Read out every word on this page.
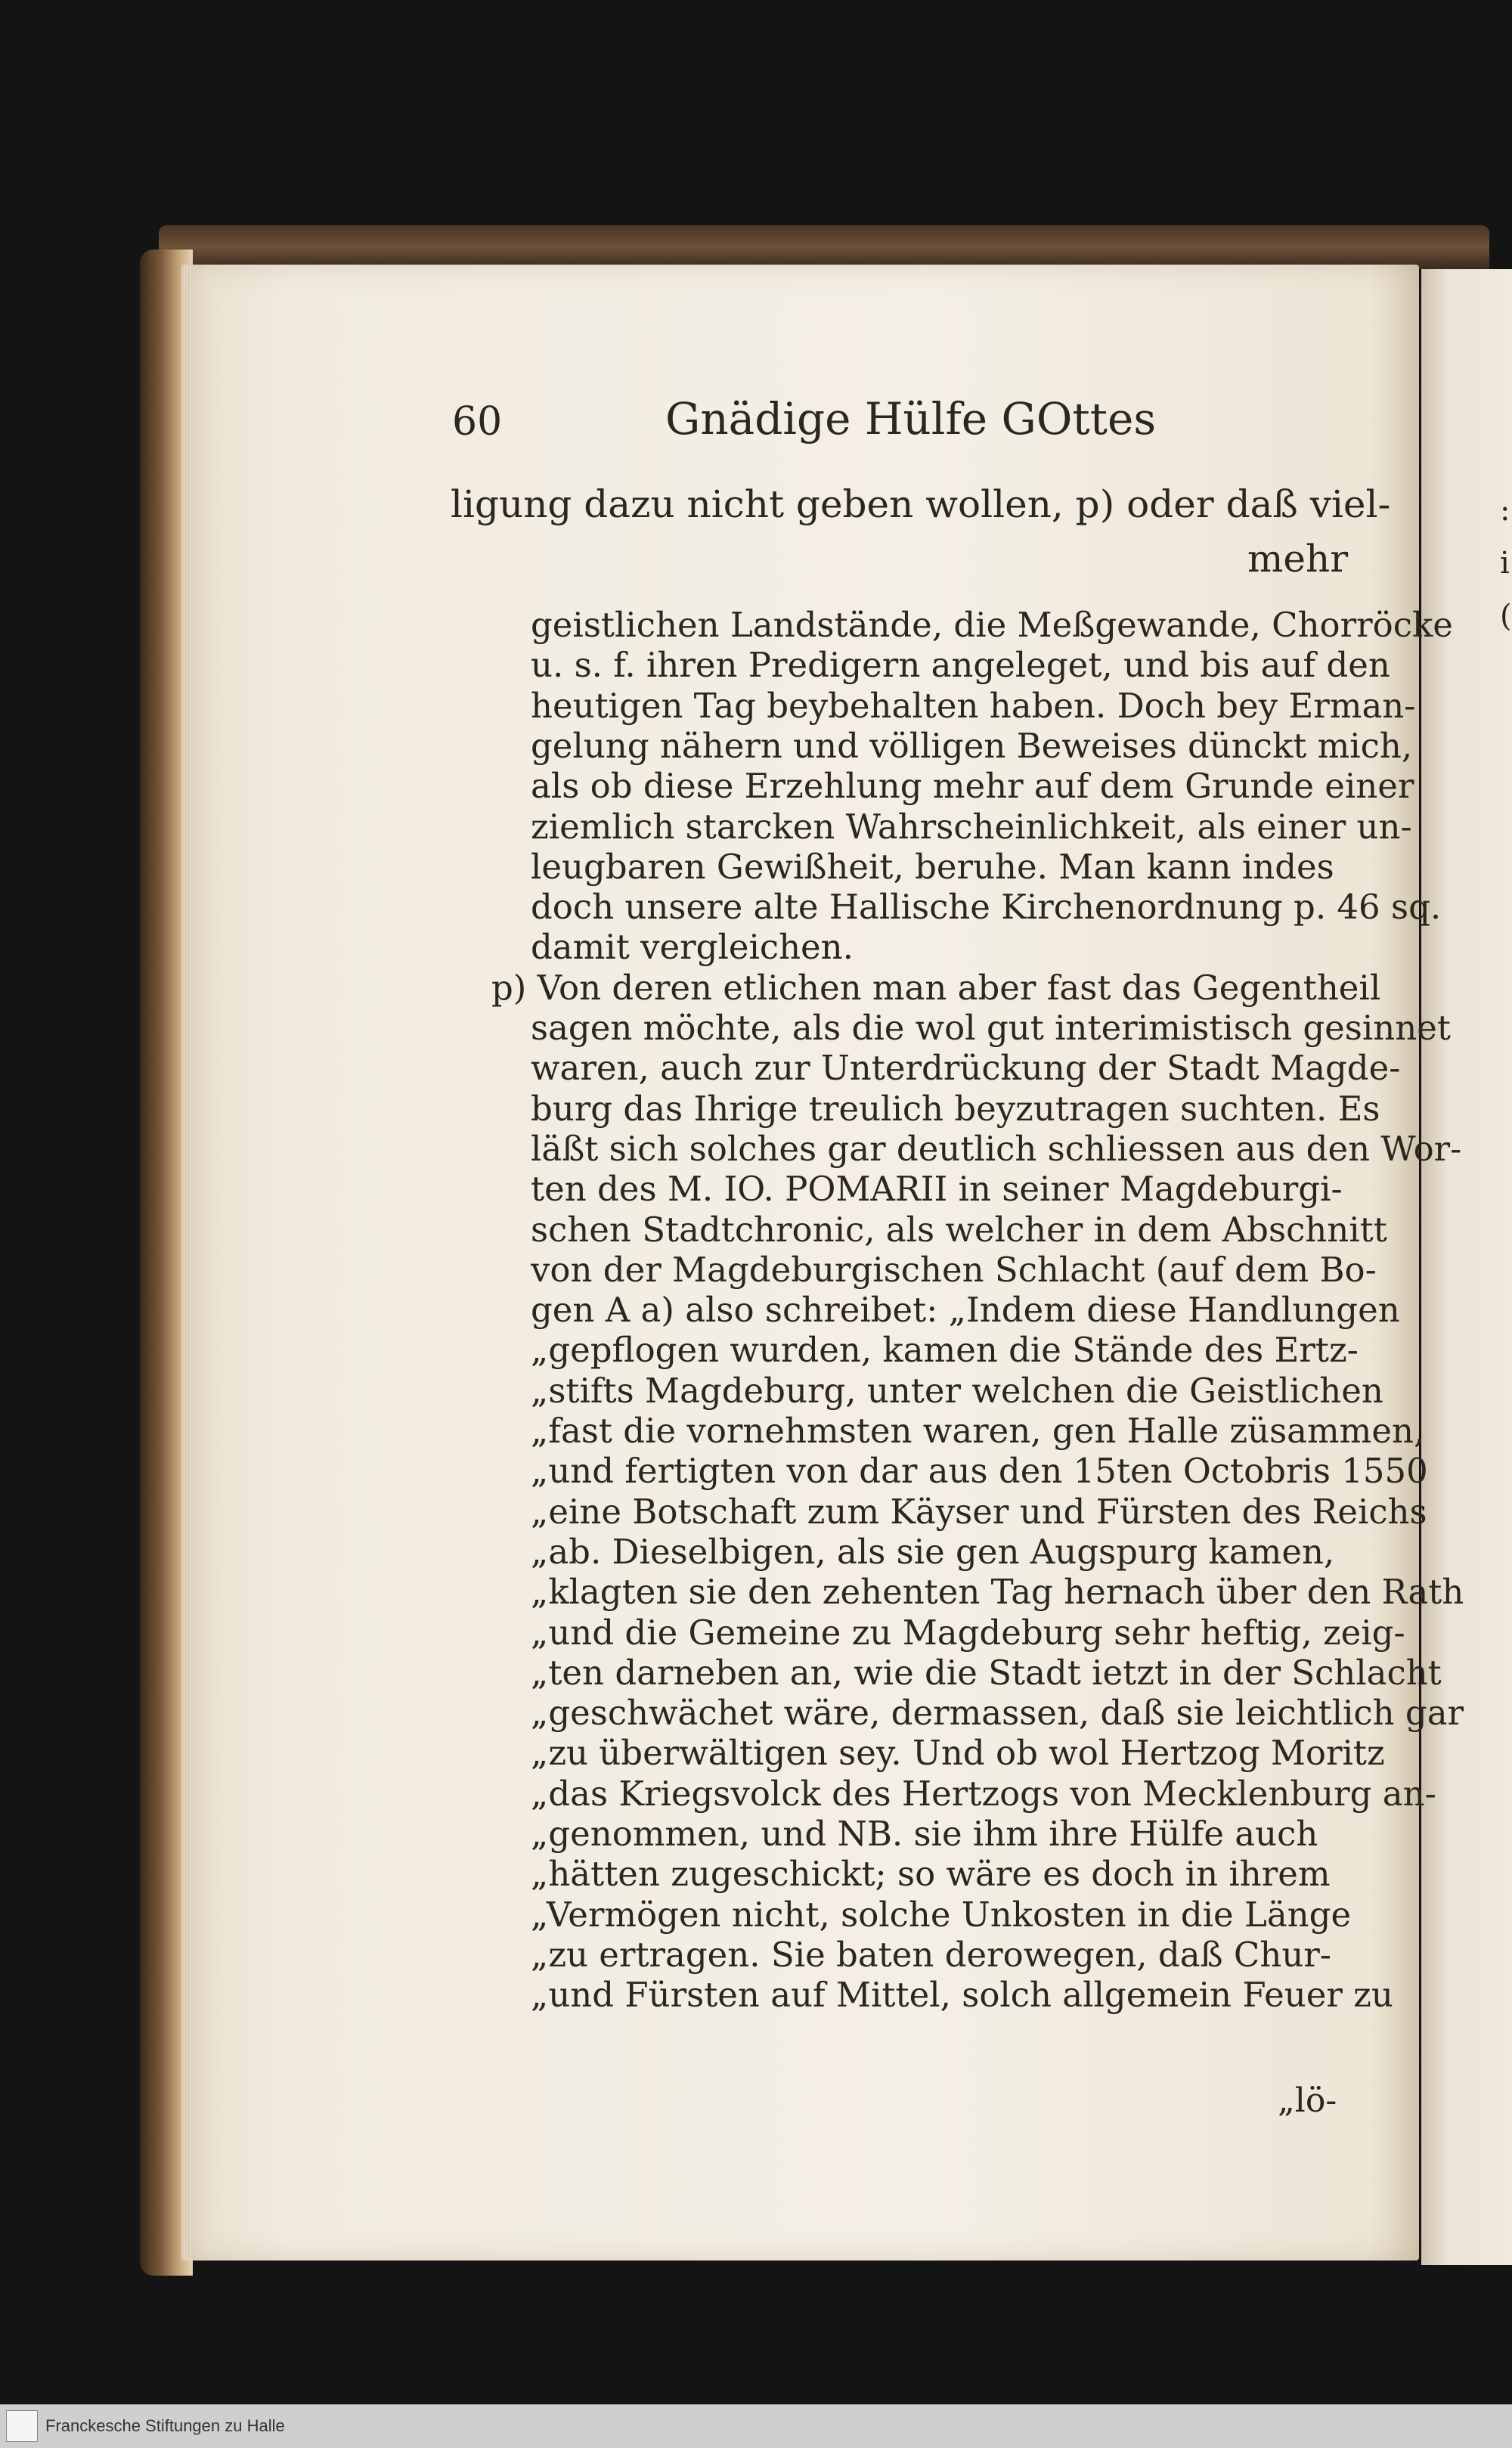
:
i
(
60	Gnädige Hülfe GOttes
ligung dazu nicht geben wollen, p) oder daß viel-
mehr
geistlichen Landstände, die Meßgewande, Chorröcke
u. s. f. ihren Predigern angeleget, und bis auf den
heutigen Tag beybehalten haben. Doch bey Erman-
gelung nähern und völligen Beweises dünckt mich,
als ob diese Erzehlung mehr auf dem Grunde einer
ziemlich starcken Wahrscheinlichkeit, als einer un-
leugbaren Gewißheit, beruhe. Man kann indes
doch unsere alte Hallische Kirchenordnung p. 46 sq.
damit vergleichen.
p) Von deren etlichen man aber fast das Gegentheil
sagen möchte, als die wol gut interimistisch gesinnet
waren, auch zur Unterdrückung der Stadt Magde-
burg das Ihrige treulich beyzutragen suchten. Es
läßt sich solches gar deutlich schliessen aus den Wor-
ten des M. IO. POMARII in seiner Magdeburgi-
schen Stadtchronic, als welcher in dem Abschnitt
von der Magdeburgischen Schlacht (auf dem Bo-
gen A a) also schreibet: „Indem diese Handlungen
„gepflogen wurden, kamen die Stände des Ertz-
„stifts Magdeburg, unter welchen die Geistlichen
„fast die vornehmsten waren, gen Halle züsammen,
„und fertigten von dar aus den 15ten Octobris 1550
„eine Botschaft zum Käyser und Fürsten des Reichs
„ab. Dieselbigen, als sie gen Augspurg kamen,
„klagten sie den zehenten Tag hernach über den Rath
„und die Gemeine zu Magdeburg sehr heftig, zeig-
„ten darneben an, wie die Stadt ietzt in der Schlacht
„geschwächet wäre, dermassen, daß sie leichtlich gar
„zu überwältigen sey. Und ob wol Hertzog Moritz
„das Kriegsvolck des Hertzogs von Mecklenburg an-
„genommen, und NB. sie ihm ihre Hülfe auch
„hätten zugeschickt; so wäre es doch in ihrem
„Vermögen nicht, solche Unkosten in die Länge
„zu ertragen. Sie baten derowegen, daß Chur-
„und Fürsten auf Mittel, solch allgemein Feuer zu
„lö-
Franckesche Stiftungen zu Halle
